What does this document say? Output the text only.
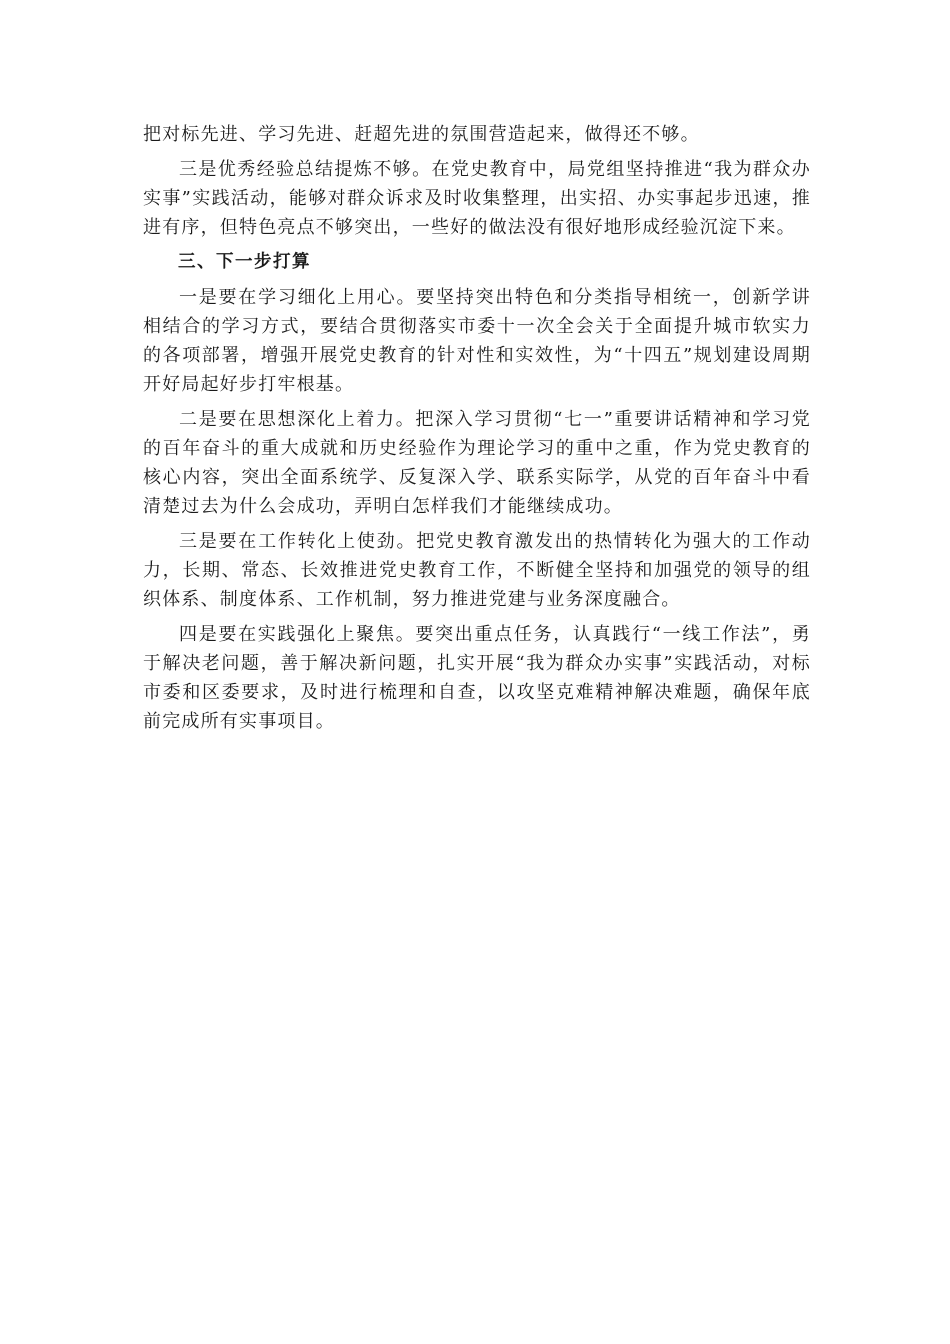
把对标先进、学习先进、赶超先进的氛围营造起来，做得还不够。

三是优秀经验总结提炼不够。在党史教育中，局党组坚持推进“我为群众办实事”实践活动，能够对群众诉求及时收集整理，出实招、办实事起步迅速，推进有序，但特色亮点不够突出，一些好的做法没有很好地形成经验沉淀下来。

三、下一步打算

一是要在学习细化上用心。要坚持突出特色和分类指导相统一，创新学讲相结合的学习方式，要结合贯彻落实市委十一次全会关于全面提升城市软实力的各项部署，增强开展党史教育的针对性和实效性，为“十四五”规划建设周期开好局起好步打牢根基。

二是要在思想深化上着力。把深入学习贯彻“七一”重要讲话精神和学习党的百年奋斗的重大成就和历史经验作为理论学习的重中之重，作为党史教育的核心内容，突出全面系统学、反复深入学、联系实际学，从党的百年奋斗中看清楚过去为什么会成功，弄明白怎样我们才能继续成功。

三是要在工作转化上使劲。把党史教育激发出的热情转化为强大的工作动力，长期、常态、长效推进党史教育工作，不断健全坚持和加强党的领导的组织体系、制度体系、工作机制，努力推进党建与业务深度融合。

四是要在实践强化上聚焦。要突出重点任务，认真践行“一线工作法”，勇于解决老问题，善于解决新问题，扎实开展“我为群众办实事”实践活动，对标市委和区委要求，及时进行梳理和自查，以攻坚克难精神解决难题，确保年底前完成所有实事项目。
